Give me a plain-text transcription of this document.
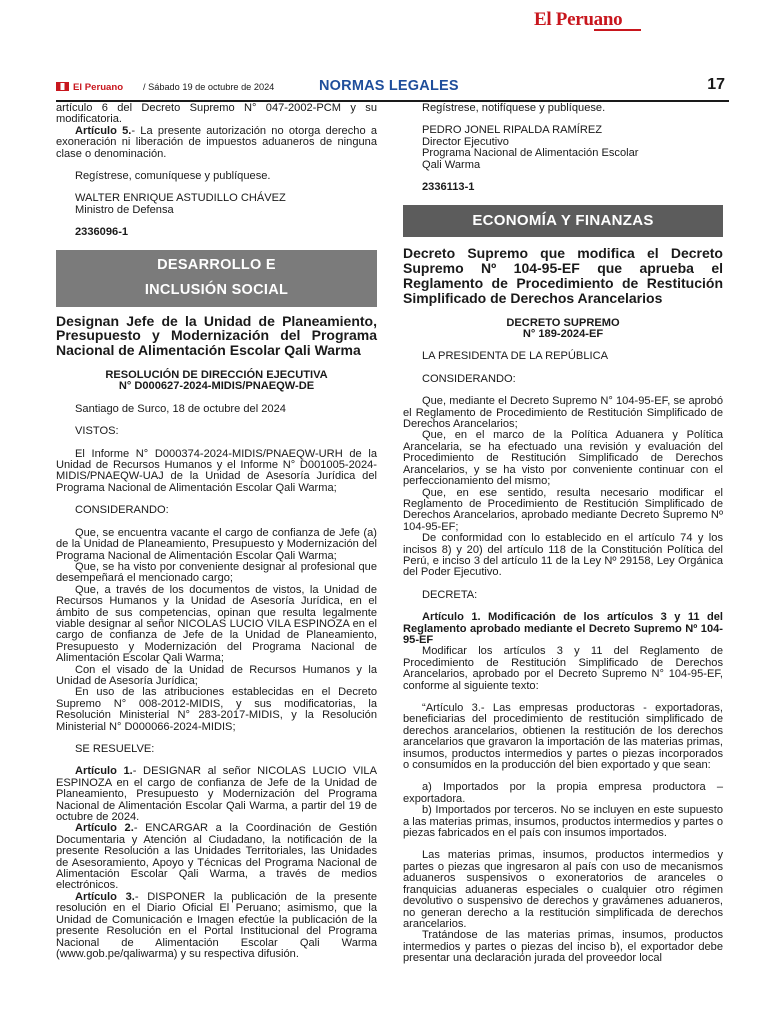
El Peruano
El Peruano / Sábado 19 de octubre de 2024	NORMAS LEGALES	17

artículo 6 del Decreto Supremo N° 047-2002-PCM y su modificatoria.

Artículo 5.- La presente autorización no otorga derecho a exoneración ni liberación de impuestos aduaneros de ninguna clase o denominación.

Regístrese, comuníquese y publíquese.

WALTER ENRIQUE ASTUDILLO CHÁVEZ

Ministro de Defensa

2336096-1

DESARROLLO E
INCLUSIÓN SOCIAL

Designan Jefe de la Unidad de Planeamiento, Presupuesto y Modernización del Programa Nacional de Alimentación Escolar Qali Warma

RESOLUCIÓN DE DIRECCIÓN EJECUTIVA

N° D000627-2024-MIDIS/PNAEQW-DE

Santiago de Surco, 18 de octubre del 2024

VISTOS:

El Informe N° D000374-2024-MIDIS/PNAEQW-URH de la Unidad de Recursos Humanos y el Informe N° D001005-2024-MIDIS/PNAEQW-UAJ de la Unidad de Asesoría Jurídica del Programa Nacional de Alimentación Escolar Qali Warma;

CONSIDERANDO:

Que, se encuentra vacante el cargo de confianza de Jefe (a) de la Unidad de Planeamiento, Presupuesto y Modernización del Programa Nacional de Alimentación Escolar Qali Warma;

Que, se ha visto por conveniente designar al profesional que desempeñará el mencionado cargo;

Que, a través de los documentos de vistos, la Unidad de Recursos Humanos y la Unidad de Asesoría Jurídica, en el ámbito de sus competencias, opinan que resulta legalmente viable designar al señor NICOLAS LUCIO VILA ESPINOZA en el cargo de confianza de Jefe de la Unidad de Planeamiento, Presupuesto y Modernización del Programa Nacional de Alimentación Escolar Qali Warma;

Con el visado de la Unidad de Recursos Humanos y la Unidad de Asesoría Jurídica;

En uso de las atribuciones establecidas en el Decreto Supremo N° 008-2012-MIDIS, y sus modificatorias, la Resolución Ministerial N° 283-2017-MIDIS, y la Resolución Ministerial N° D000066-2024-MIDIS;

SE RESUELVE:

Artículo 1.- DESIGNAR al señor NICOLAS LUCIO VILA ESPINOZA en el cargo de confianza de Jefe de la Unidad de Planeamiento, Presupuesto y Modernización del Programa Nacional de Alimentación Escolar Qali Warma, a partir del 19 de octubre de 2024.

Artículo 2.- ENCARGAR a la Coordinación de Gestión Documentaria y Atención al Ciudadano, la notificación de la presente Resolución a las Unidades Territoriales, las Unidades de Asesoramiento, Apoyo y Técnicas del Programa Nacional de Alimentación Escolar Qali Warma, a través de medios electrónicos.

Artículo 3.- DISPONER la publicación de la presente resolución en el Diario Oficial El Peruano; asimismo, que la Unidad de Comunicación e Imagen efectúe la publicación de la presente Resolución en el Portal Institucional del Programa Nacional de Alimentación Escolar Qali Warma (www.gob.pe/qaliwarma) y su respectiva difusión.

Regístrese, notifíquese y publíquese.

PEDRO JONEL RIPALDA RAMÍREZ

Director Ejecutivo

Programa Nacional de Alimentación Escolar

Qali Warma

2336113-1

ECONOMÍA Y FINANZAS

Decreto Supremo que modifica el Decreto Supremo Nº 104-95-EF que aprueba el Reglamento de Procedimiento de Restitución Simplificado de Derechos Arancelarios

DECRETO SUPREMO

N° 189-2024-EF

LA PRESIDENTA DE LA REPÚBLICA

CONSIDERANDO:

Que, mediante el Decreto Supremo N° 104-95-EF, se aprobó el Reglamento de Procedimiento de Restitución Simplificado de Derechos Arancelarios;

Que, en el marco de la Política Aduanera y Política Arancelaria, se ha efectuado una revisión y evaluación del Procedimiento de Restitución Simplificado de Derechos Arancelarios, y se ha visto por conveniente continuar con el perfeccionamiento del mismo;

Que, en ese sentido, resulta necesario modificar el Reglamento de Procedimiento de Restitución Simplificado de Derechos Arancelarios, aprobado mediante Decreto Supremo Nº 104-95-EF;

De conformidad con lo establecido en el artículo 74 y los incisos 8) y 20) del artículo 118 de la Constitución Política del Perú, e inciso 3 del artículo 11 de la Ley Nº 29158, Ley Orgánica del Poder Ejecutivo.

DECRETA:

Artículo 1. Modificación de los artículos 3 y 11 del Reglamento aprobado mediante el Decreto Supremo Nº 104-95-EF

Modificar los artículos 3 y 11 del Reglamento de Procedimiento de Restitución Simplificado de Derechos Arancelarios, aprobado por el Decreto Supremo N° 104-95-EF, conforme al siguiente texto:

“Artículo 3.- Las empresas productoras - exportadoras, beneficiarias del procedimiento de restitución simplificado de derechos arancelarios, obtienen la restitución de los derechos arancelarios que gravaron la importación de las materias primas, insumos, productos intermedios y partes o piezas incorporados o consumidos en la producción del bien exportado y que sean:

a) Importados por la propia empresa productora – exportadora.

b) Importados por terceros. No se incluyen en este supuesto a las materias primas, insumos, productos intermedios y partes o piezas fabricados en el país con insumos importados.

Las materias primas, insumos, productos intermedios y partes o piezas que ingresaron al país con uso de mecanismos aduaneros suspensivos o exoneratorios de aranceles o franquicias aduaneras especiales o cualquier otro régimen devolutivo o suspensivo de derechos y gravámenes aduaneros, no generan derecho a la restitución simplificada de derechos arancelarios.

Tratándose de las materias primas, insumos, productos intermedios y partes o piezas del inciso b), el exportador debe presentar una declaración jurada del proveedor local
